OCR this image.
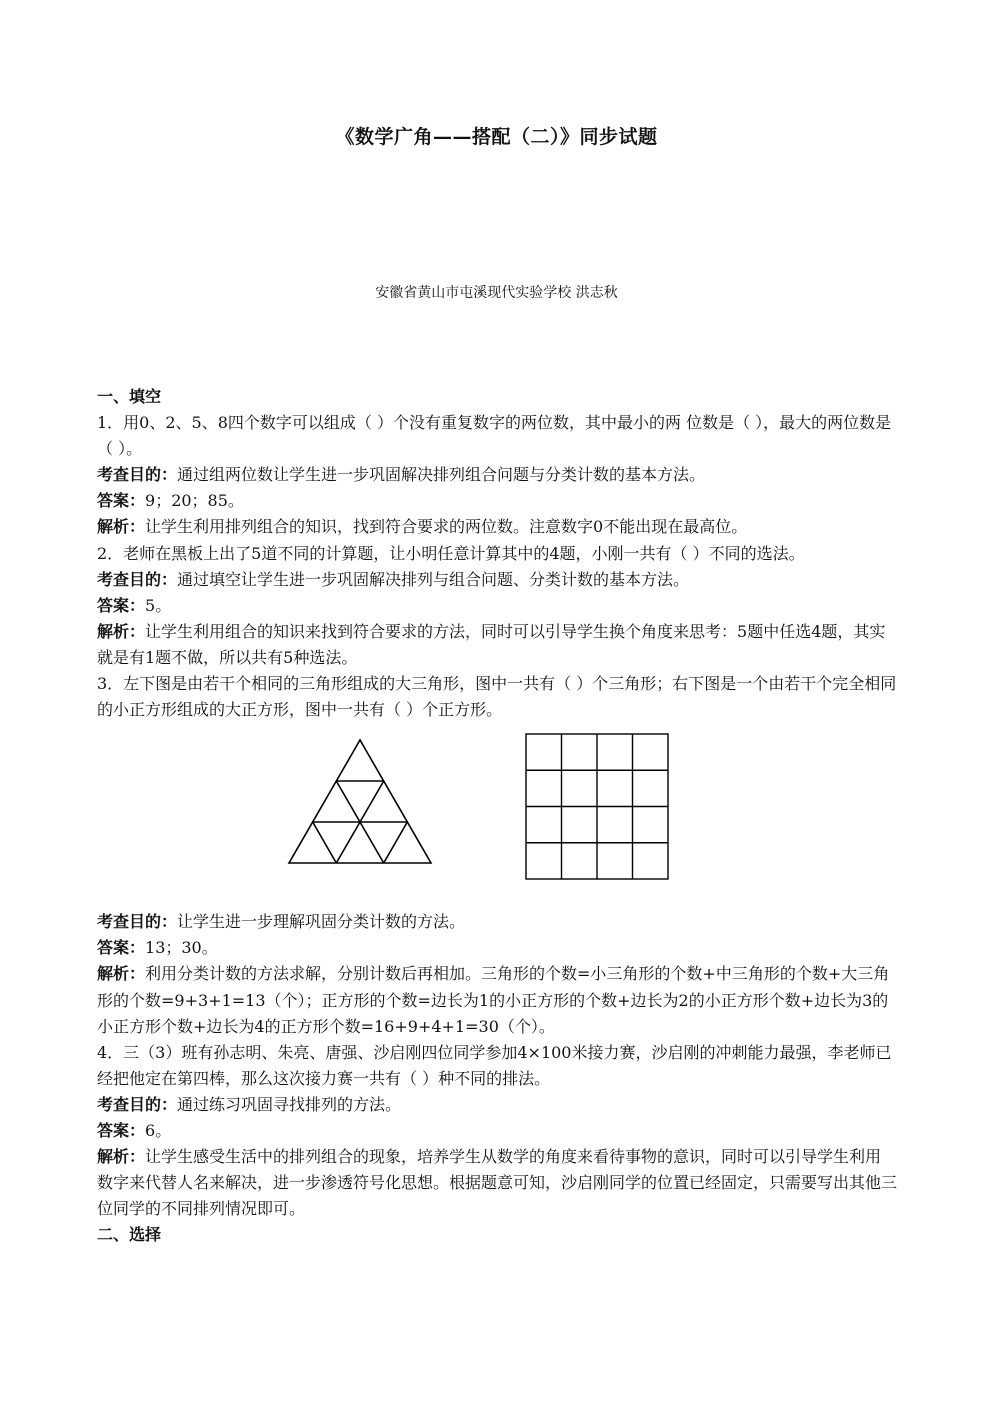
《数学广角——搭配（二）》同步试题
安徽省黄山市屯溪现代实验学校 洪志秋

一、填空

1．用0、2、5、8四个数字可以组成（ ）个没有重复数字的两位数，其中最小的两 位数是（ ），最大的两位数是（ ）。

考查目的：通过组两位数让学生进一步巩固解决排列组合问题与分类计数的基本方法。

答案：9；20；85。

解析：让学生利用排列组合的知识，找到符合要求的两位数。注意数字0不能出现在最高位。

2．老师在黑板上出了5道不同的计算题，让小明任意计算其中的4题，小刚一共有（ ）不同的选法。

考查目的：通过填空让学生进一步巩固解决排列与组合问题、分类计数的基本方法。

答案：5。

解析：让学生利用组合的知识来找到符合要求的方法，同时可以引导学生换个角度来思考：5题中任选4题，其实就是有1题不做，所以共有5种选法。

3．左下图是由若干个相同的三角形组成的大三角形，图中一共有（ ）个三角形；右下图是一个由若干个完全相同的小正方形组成的大正方形，图中一共有（ ）个正方形。

考查目的：让学生进一步理解巩固分类计数的方法。

答案：13；30。

解析：利用分类计数的方法求解，分别计数后再相加。三角形的个数=小三角形的个数+中三角形的个数+大三角形的个数=9+3+1=13（个）；正方形的个数=边长为1的小正方形的个数+边长为2的小正方形个数+边长为3的小正方形个数+边长为4的正方形个数=16+9+4+1=30（个）。

4．三（3）班有孙志明、朱亮、唐强、沙启刚四位同学参加4×100米接力赛，沙启刚的冲刺能力最强，李老师已经把他定在第四棒，那么这次接力赛一共有（ ）种不同的排法。

考查目的：通过练习巩固寻找排列的方法。

答案：6。

解析：让学生感受生活中的排列组合的现象，培养学生从数学的角度来看待事物的意识，同时可以引导学生利用数字来代替人名来解决，进一步渗透符号化思想。根据题意可知，沙启刚同学的位置已经固定，只需要写出其他三位同学的不同排列情况即可。

二、选择
